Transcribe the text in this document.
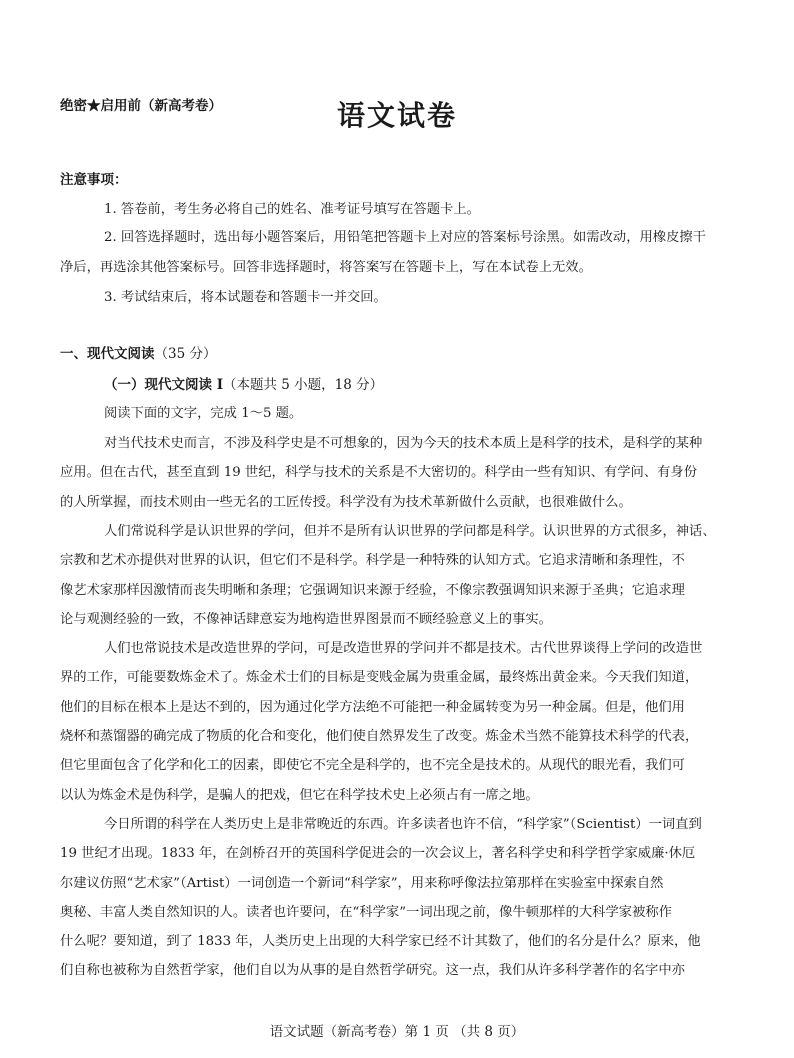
绝密★启用前（新高考卷）	语文试卷
注意事项：
1. 答卷前，考生务必将自己的姓名、准考证号填写在答题卡上。
2. 回答选择题时，选出每小题答案后，用铅笔把答题卡上对应的答案标号涂黑。如需改动，用橡皮擦干
净后，再选涂其他答案标号。回答非选择题时，将答案写在答题卡上，写在本试卷上无效。
3. 考试结束后，将本试题卷和答题卡一并交回。
一、现代文阅读（35 分）
（一）现代文阅读 I（本题共 5 小题，18 分）
阅读下面的文字，完成 1～5 题。
对当代技术史而言，不涉及科学史是不可想象的，因为今天的技术本质上是科学的技术，是科学的某种
应用。但在古代，甚至直到 19 世纪，科学与技术的关系是不大密切的。科学由一些有知识、有学问、有身份
的人所掌握，而技术则由一些无名的工匠传授。科学没有为技术革新做什么贡献，也很难做什么。
人们常说科学是认识世界的学问，但并不是所有认识世界的学问都是科学。认识世界的方式很多，神话、
宗教和艺术亦提供对世界的认识，但它们不是科学。科学是一种特殊的认知方式。它追求清晰和条理性，不
像艺术家那样因激情而丧失明晰和条理；它强调知识来源于经验，不像宗教强调知识来源于圣典；它追求理
论与观测经验的一致，不像神话肆意妄为地构造世界图景而不顾经验意义上的事实。
人们也常说技术是改造世界的学问，可是改造世界的学问并不都是技术。古代世界谈得上学问的改造世
界的工作，可能要数炼金术了。炼金术士们的目标是变贱金属为贵重金属，最终炼出黄金来。今天我们知道，
他们的目标在根本上是达不到的，因为通过化学方法绝不可能把一种金属转变为另一种金属。但是，他们用
烧杯和蒸馏器的确完成了物质的化合和变化，他们使自然界发生了改变。炼金术当然不能算技术科学的代表，
但它里面包含了化学和化工的因素，即使它不完全是科学的，也不完全是技术的。从现代的眼光看，我们可
以认为炼金术是伪科学，是骗人的把戏，但它在科学技术史上必须占有一席之地。
今日所谓的科学在人类历史上是非常晚近的东西。许多读者也许不信，“科学家”（Scientist）一词直到
19 世纪才出现。1833 年，在剑桥召开的英国科学促进会的一次会议上，著名科学史和科学哲学家威廉·休厄
尔建议仿照“艺术家”（Artist）一词创造一个新词“科学家”，用来称呼像法拉第那样在实验室中探索自然
奥秘、丰富人类自然知识的人。读者也许要问，在“科学家”一词出现之前，像牛顿那样的大科学家被称作
什么呢？要知道，到了 1833 年，人类历史上出现的大科学家已经不计其数了，他们的名分是什么？原来，他
们自称也被称为自然哲学家，他们自以为从事的是自然哲学研究。这一点，我们从许多科学著作的名字中亦
语文试题（新高考卷）第 1 页 （共 8 页）
